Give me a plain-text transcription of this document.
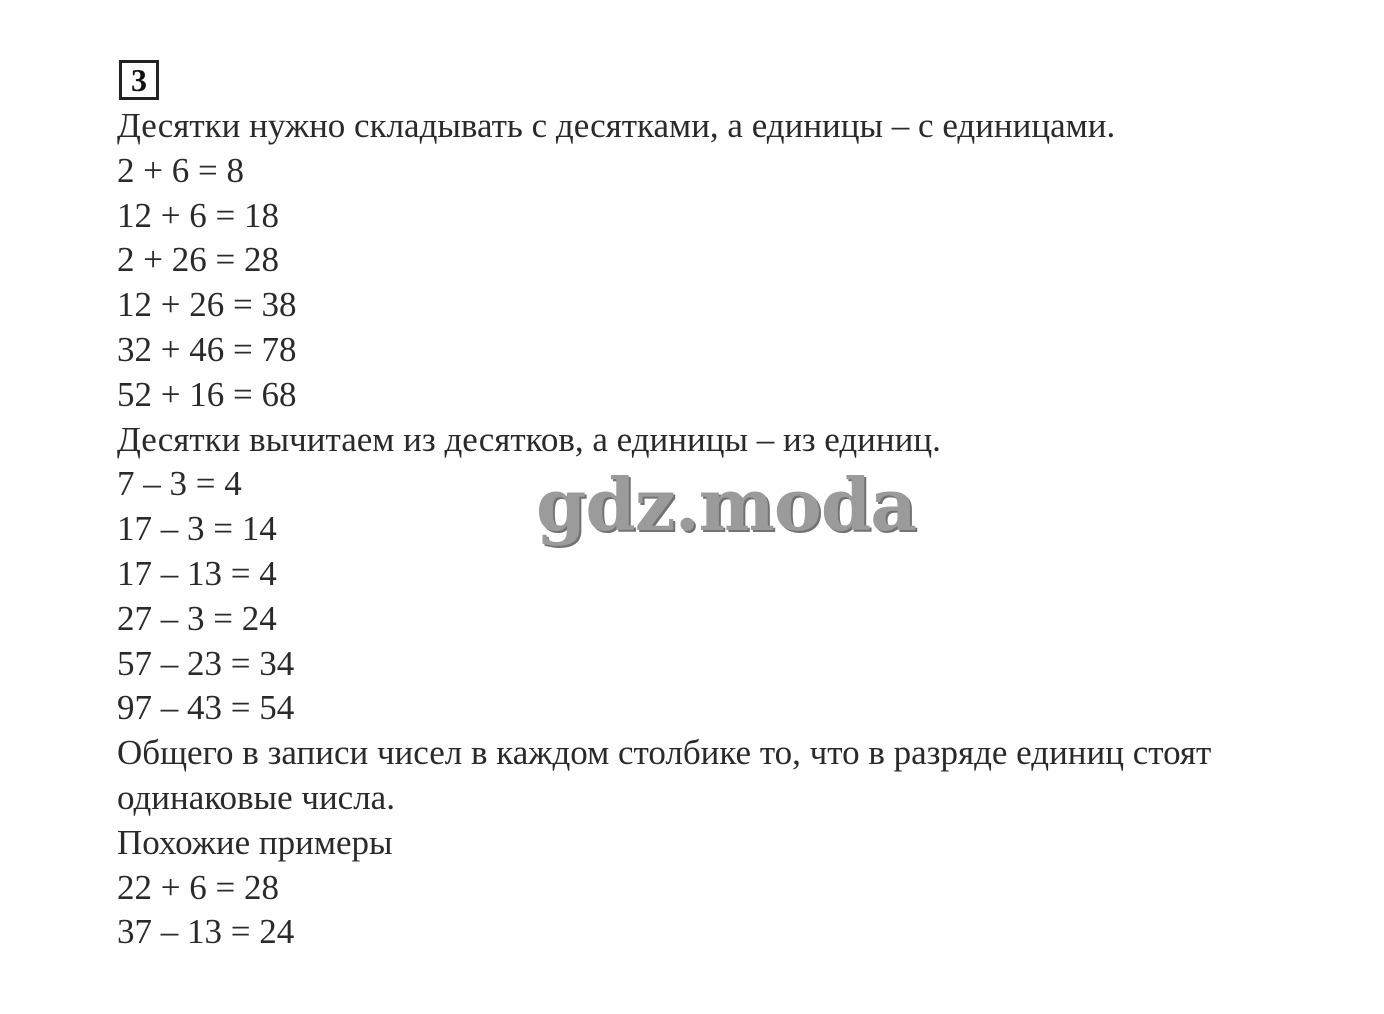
3
Десятки нужно складывать с десятками, а единицы – с единицами.
2 + 6 = 8
12 + 6 = 18
2 + 26 = 28
12 + 26 = 38
32 + 46 = 78
52 + 16 = 68
Десятки вычитаем из десятков, а единицы – из единиц.
7 – 3 = 4
17 – 3 = 14
17 – 13 = 4
27 – 3 = 24
57 – 23 = 34
97 – 43 = 54
Общего в записи чисел в каждом столбике то, что в разряде единиц стоят
одинаковые числа.
Похожие примеры
22 + 6 = 28
37 – 13 = 24
gdz.moda
